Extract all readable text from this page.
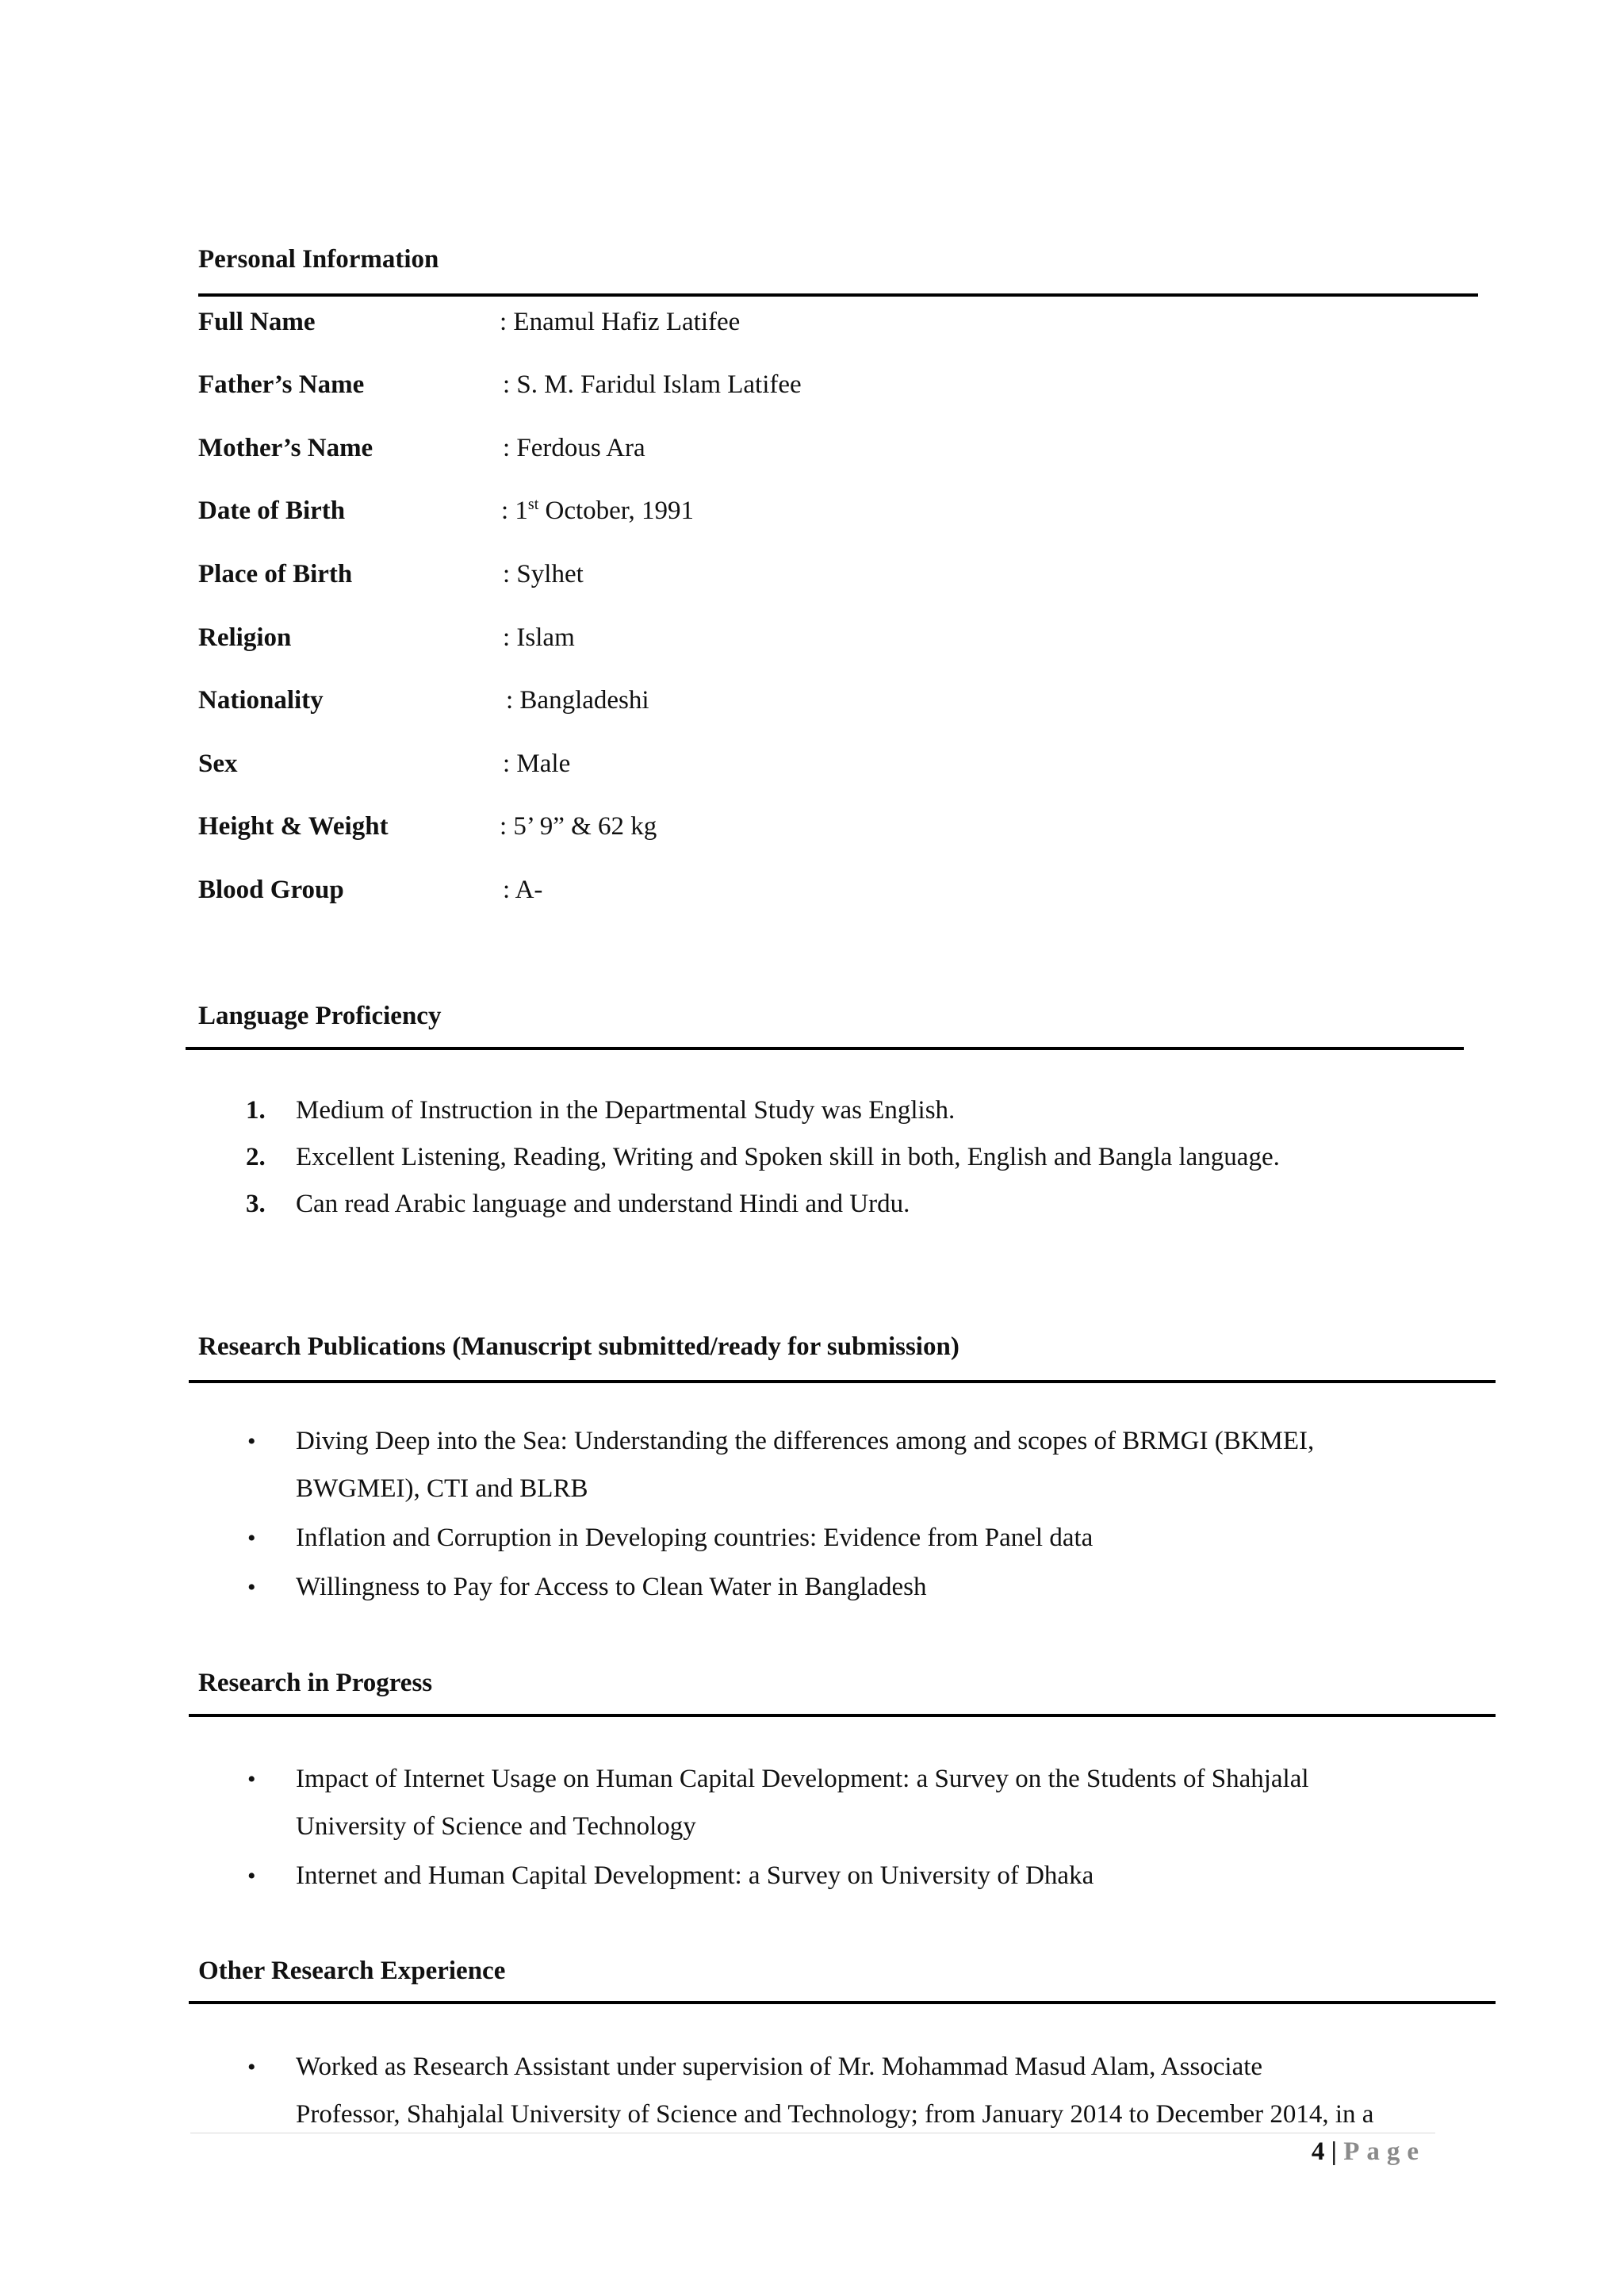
Personal Information
Full Name	: Enamul Hafiz Latifee
Father’s Name	: S. M. Faridul Islam Latifee
Mother’s Name	: Ferdous Ara
Date of Birth	: 1st October, 1991
Place of Birth	: Sylhet
Religion	: Islam
Nationality	: Bangladeshi
Sex	: Male
Height & Weight	: 5’ 9” & 62 kg
Blood Group	: A-
Language Proficiency
1. Medium of Instruction in the Departmental Study was English.
2. Excellent Listening, Reading, Writing and Spoken skill in both, English and Bangla language.
3. Can read Arabic language and understand Hindi and Urdu.
Research Publications (Manuscript submitted/ready for submission)
• Diving Deep into the Sea: Understanding the differences among and scopes of BRMGI (BKMEI,
BWGMEI), CTI and BLRB
• Inflation and Corruption in Developing countries: Evidence from Panel data
• Willingness to Pay for Access to Clean Water in Bangladesh
Research in Progress
• Impact of Internet Usage on Human Capital Development: a Survey on the Students of Shahjalal
University of Science and Technology
• Internet and Human Capital Development: a Survey on University of Dhaka
Other Research Experience
• Worked as Research Assistant under supervision of Mr. Mohammad Masud Alam, Associate
Professor, Shahjalal University of Science and Technology; from January 2014 to December 2014, in a
4 | Page
